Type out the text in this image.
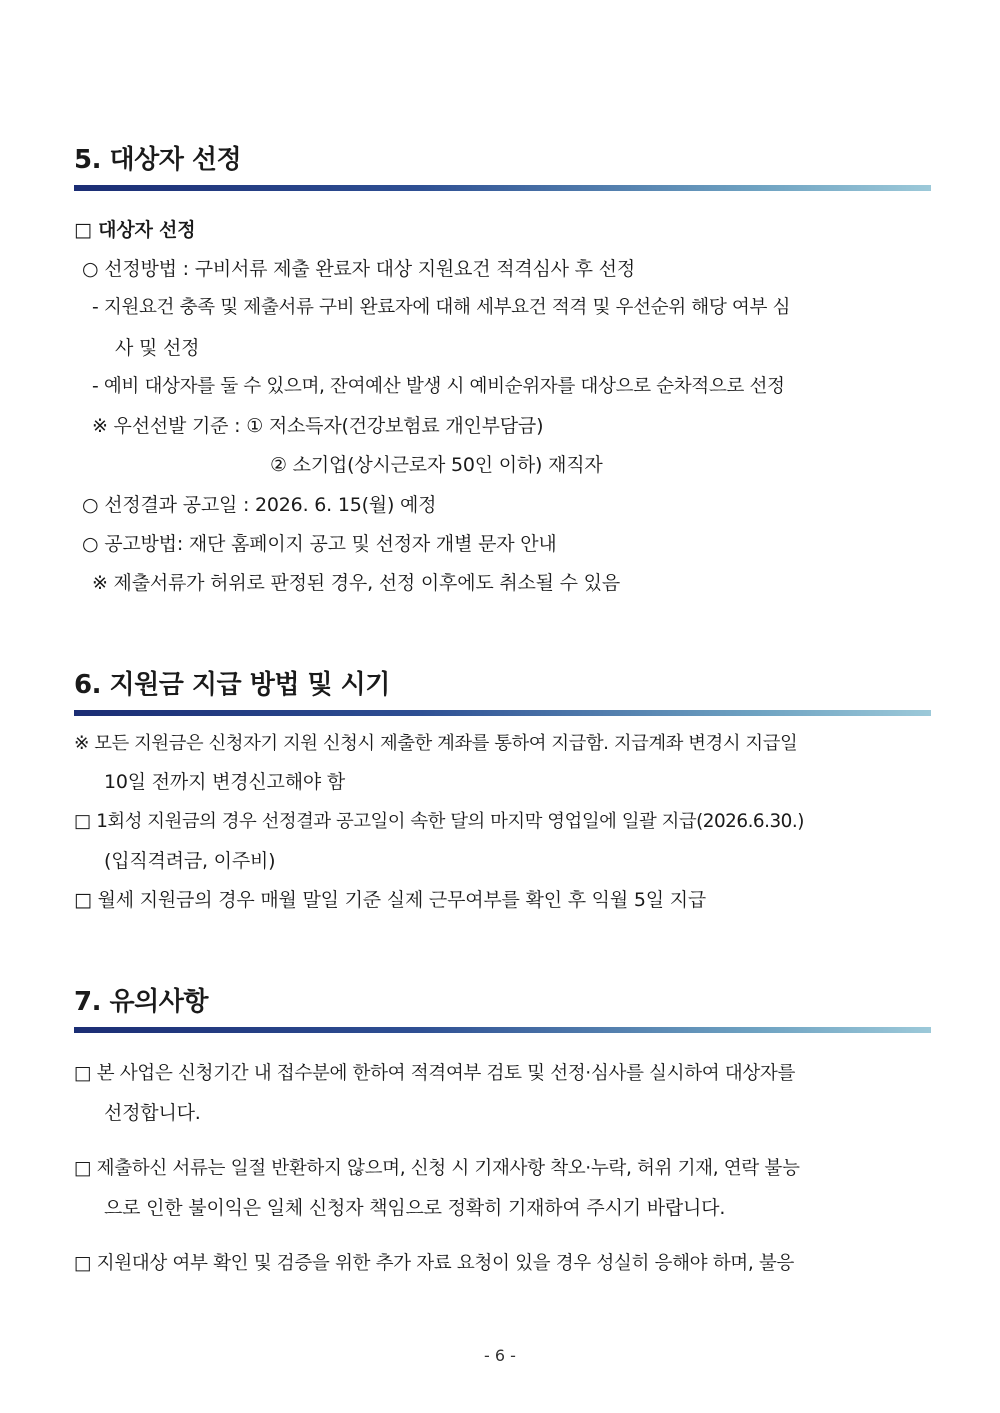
5. 대상자 선정
□ 대상자 선정
○ 선정방법 : 구비서류 제출 완료자 대상 지원요건 적격심사 후 선정
- 지원요건 충족 및 제출서류 구비 완료자에 대해 세부요건 적격 및 우선순위 해당 여부 심
사 및 선정
- 예비 대상자를 둘 수 있으며, 잔여예산 발생 시 예비순위자를 대상으로 순차적으로 선정
※ 우선선발 기준 : ① 저소득자(건강보험료 개인부담금)
② 소기업(상시근로자 50인 이하) 재직자
○ 선정결과 공고일 : 2026. 6. 15(월) 예정
○ 공고방법: 재단 홈페이지 공고 및 선정자 개별 문자 안내
※ 제출서류가 허위로 판정된 경우, 선정 이후에도 취소될 수 있음
6. 지원금 지급 방법 및 시기
※ 모든 지원금은 신청자기 지원 신청시 제출한 계좌를 통하여 지급함. 지급계좌 변경시 지급일
10일 전까지 변경신고해야 함
□ 1회성 지원금의 경우 선정결과 공고일이 속한 달의 마지막 영업일에 일괄 지급(2026.6.30.)
(입직격려금, 이주비)
□ 월세 지원금의 경우 매월 말일 기준 실제 근무여부를 확인 후 익월 5일 지급
7. 유의사항
□ 본 사업은 신청기간 내 접수분에 한하여 적격여부 검토 및 선정·심사를 실시하여 대상자를
선정합니다.
□ 제출하신 서류는 일절 반환하지 않으며, 신청 시 기재사항 착오·누락, 허위 기재, 연락 불능
으로 인한 불이익은 일체 신청자 책임으로 정확히 기재하여 주시기 바랍니다.
□ 지원대상 여부 확인 및 검증을 위한 추가 자료 요청이 있을 경우 성실히 응해야 하며, 불응
- 6 -
